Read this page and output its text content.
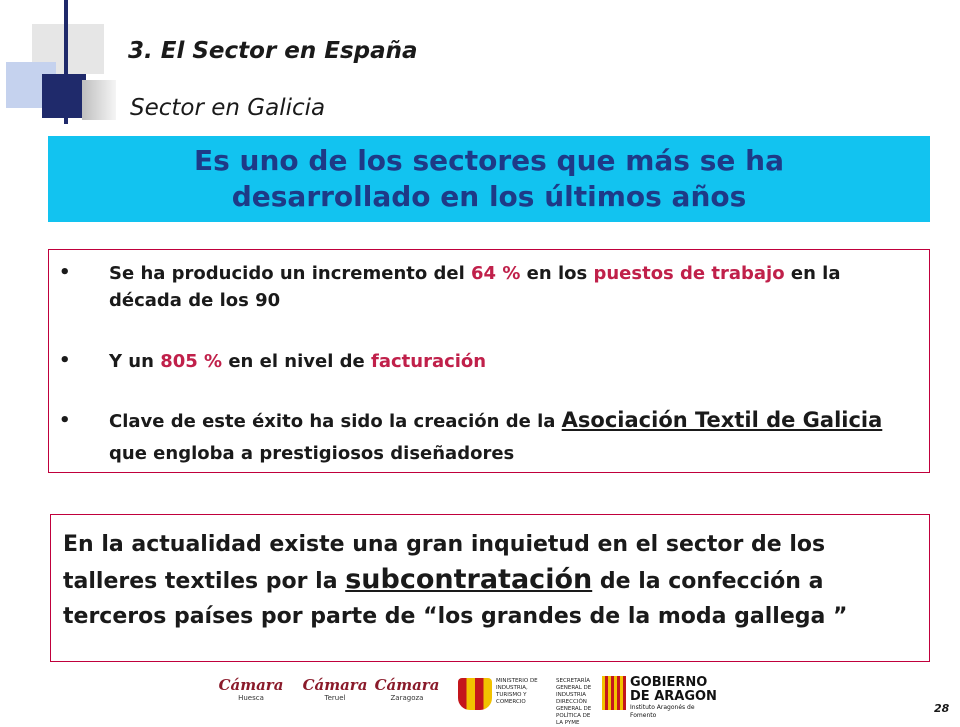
3. El Sector en España
Sector en Galicia
Es uno de los sectores que más se ha desarrollado en los últimos años
• Se ha producido un incremento del 64 % en los puestos de trabajo en la década de los 90
• Y un 805 % en el nivel de facturación
• Clave de este éxito ha sido la creación de la Asociación Textil de Galicia que engloba a prestigiosos diseñadores
En la actualidad existe una gran inquietud en el sector de los talleres textiles por la subcontratación de la confección a terceros países por parte de “los grandes de la moda gallega ”
Cámara
Huesca
Cámara
Teruel
Cámara
Zaragoza
MINISTERIO DE INDUSTRIA, TURISMO Y COMERCIO
SECRETARÍA GENERAL DE INDUSTRIA DIRECCIÓN GENERAL DE POLÍTICA DE LA PYME
GOBIERNO DE ARAGON
Instituto Aragonés de Fomento
28
